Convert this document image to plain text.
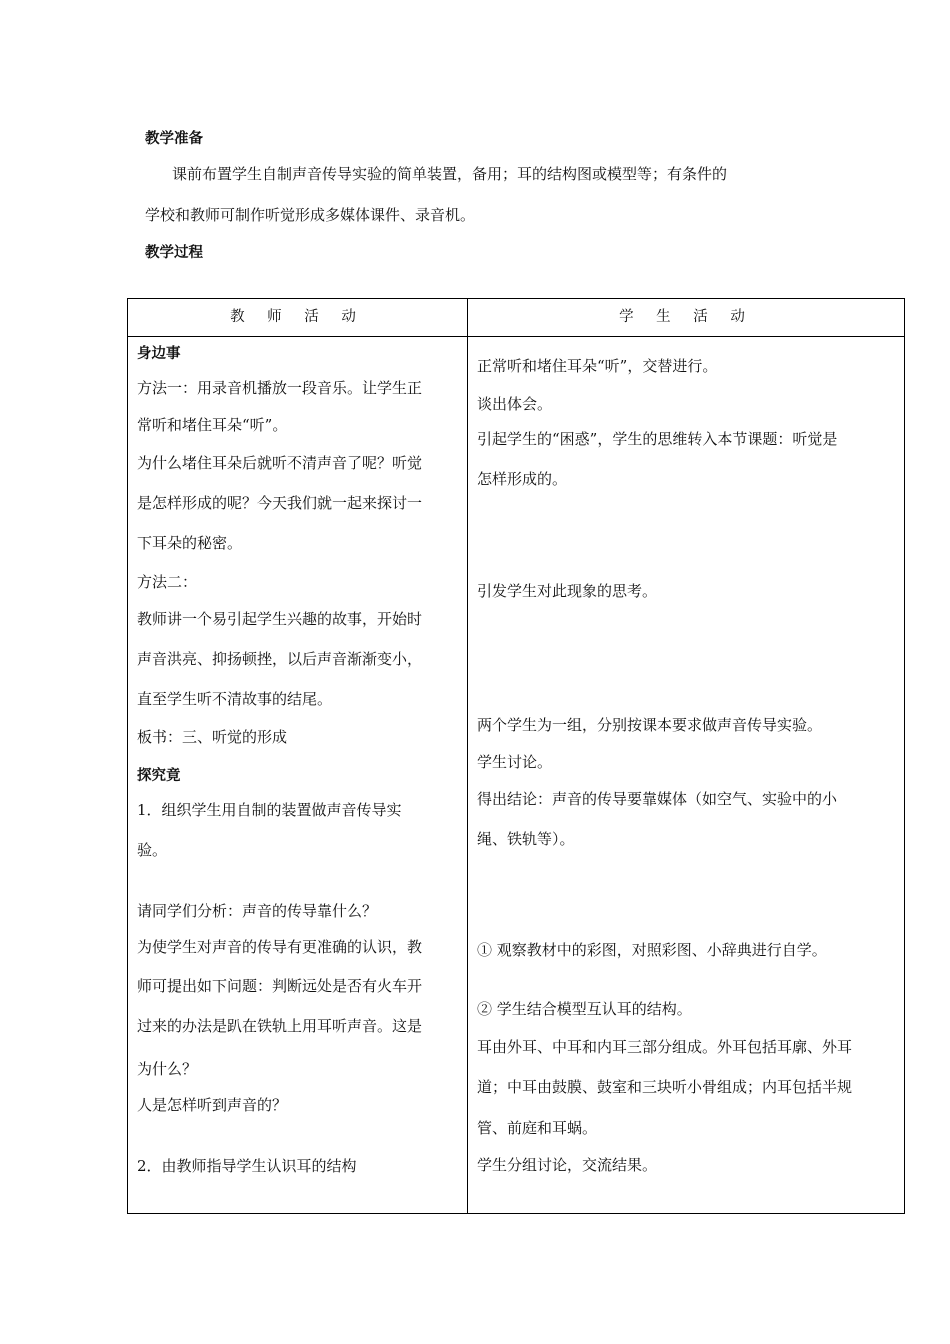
教学准备
课前布置学生自制声音传导实验的简单装置，备用；耳的结构图或模型等；有条件的
学校和教师可制作听觉形成多媒体课件、录音机。
教学过程
教 师 活 动	学 生 活 动
身边事
方法一：用录音机播放一段音乐。让学生正
常听和堵住耳朵“听”。
为什么堵住耳朵后就听不清声音了呢？听觉
是怎样形成的呢？今天我们就一起来探讨一
下耳朵的秘密。
方法二：
教师讲一个易引起学生兴趣的故事，开始时
声音洪亮、抑扬顿挫，以后声音渐渐变小，
直至学生听不清故事的结尾。
板书：三、听觉的形成
探究竟
1．组织学生用自制的装置做声音传导实
验。
请同学们分析：声音的传导靠什么？
为使学生对声音的传导有更准确的认识，教
师可提出如下问题：判断远处是否有火车开
过来的办法是趴在铁轨上用耳听声音。这是
为什么？
人是怎样听到声音的？
2．由教师指导学生认识耳的结构
正常听和堵住耳朵“听”，交替进行。
谈出体会。
引起学生的“困惑”，学生的思维转入本节课题：听觉是
怎样形成的。
引发学生对此现象的思考。
两个学生为一组，分别按课本要求做声音传导实验。
学生讨论。
得出结论：声音的传导要靠媒体（如空气、实验中的小
绳、铁轨等）。
① 观察教材中的彩图，对照彩图、小辞典进行自学。
② 学生结合模型互认耳的结构。
耳由外耳、中耳和内耳三部分组成。外耳包括耳廓、外耳
道；中耳由鼓膜、鼓室和三块听小骨组成；内耳包括半规
管、前庭和耳蜗。
学生分组讨论，交流结果。
